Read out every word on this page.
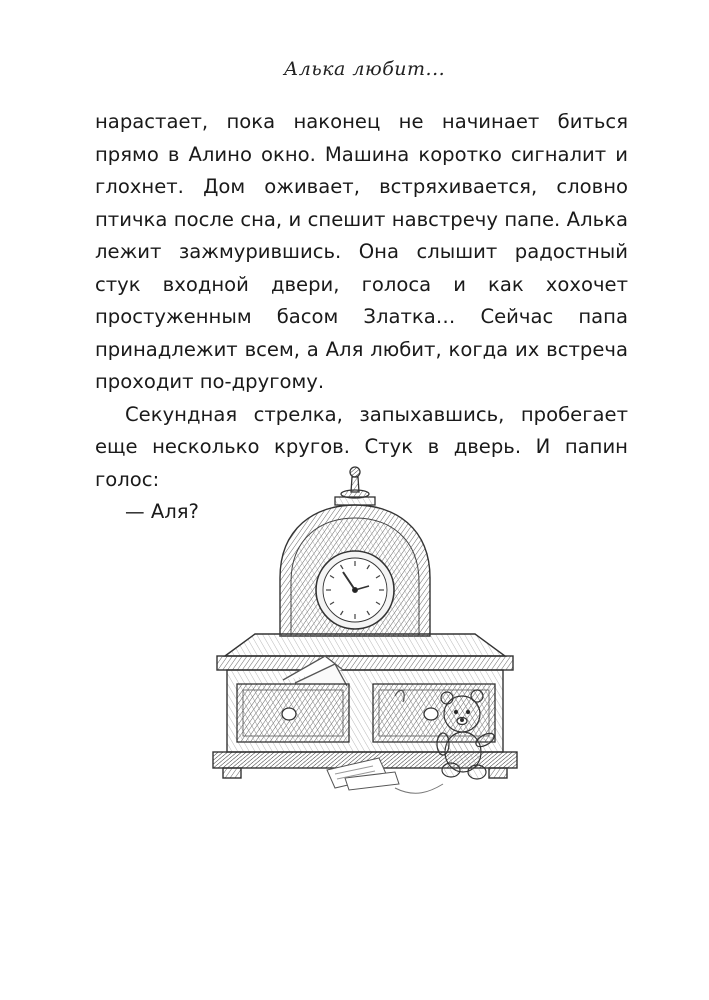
Алька любит...

нарастает, пока наконец не начинает биться прямо в Алино окно. Машина коротко сигналит и глохнет. Дом оживает, встряхивается, словно птичка после сна, и спешит навстречу папе. Алька лежит зажмурившись. Она слышит радостный стук входной двери, голоса и как хохочет простуженным басом Златка… Сейчас папа принадлежит всем, а Аля любит, когда их встреча проходит по-другому.

Секундная стрелка, запыхавшись, пробегает еще несколько кругов. Стук в дверь. И папин голос:

— Аля?
